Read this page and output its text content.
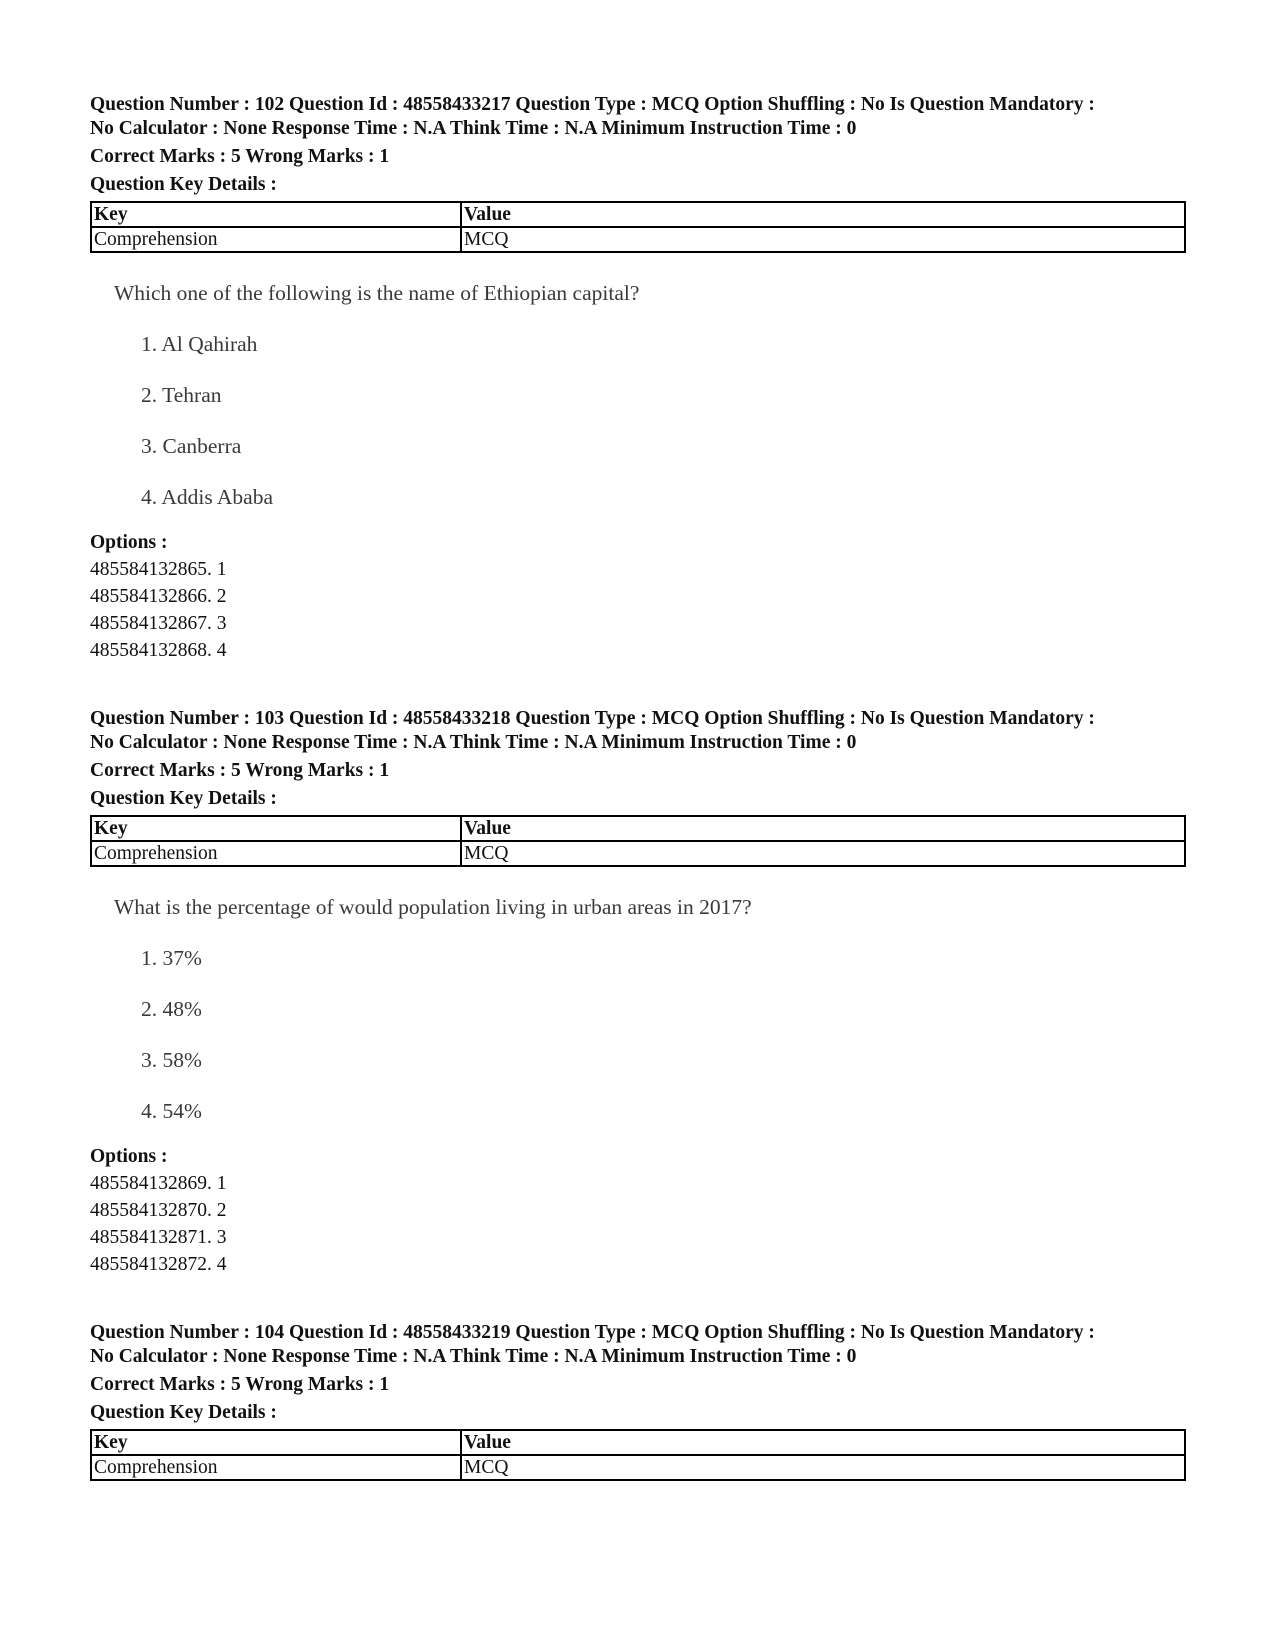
Question Number : 102 Question Id : 48558433217 Question Type : MCQ Option Shuffling : No Is Question Mandatory :
No Calculator : None Response Time : N.A Think Time : N.A Minimum Instruction Time : 0
Correct Marks : 5 Wrong Marks : 1
Question Key Details :
Key	Value
Comprehension	MCQ
Which one of the following is the name of Ethiopian capital?
1. Al Qahirah
2. Tehran
3. Canberra
4. Addis Ababa
Options :
485584132865. 1
485584132866. 2
485584132867. 3
485584132868. 4
Question Number : 103 Question Id : 48558433218 Question Type : MCQ Option Shuffling : No Is Question Mandatory :
No Calculator : None Response Time : N.A Think Time : N.A Minimum Instruction Time : 0
Correct Marks : 5 Wrong Marks : 1
Question Key Details :
Key	Value
Comprehension	MCQ
What is the percentage of would population living in urban areas in 2017?
1. 37%
2. 48%
3. 58%
4. 54%
Options :
485584132869. 1
485584132870. 2
485584132871. 3
485584132872. 4
Question Number : 104 Question Id : 48558433219 Question Type : MCQ Option Shuffling : No Is Question Mandatory :
No Calculator : None Response Time : N.A Think Time : N.A Minimum Instruction Time : 0
Correct Marks : 5 Wrong Marks : 1
Question Key Details :
Key	Value
Comprehension	MCQ
